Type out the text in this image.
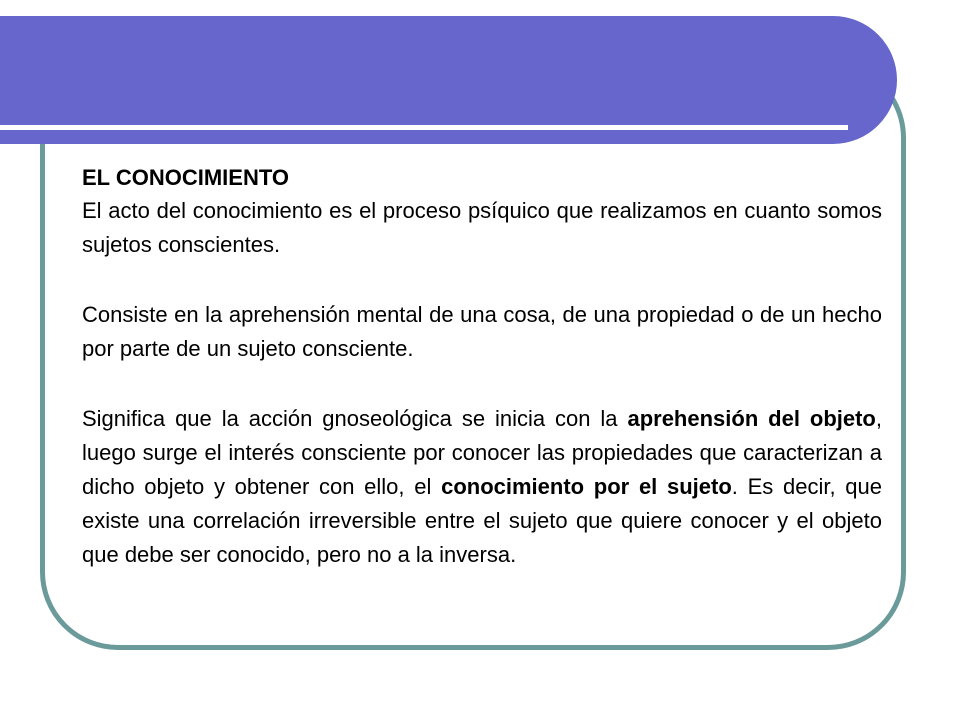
EL CONOCIMIENTO

El acto del conocimiento es el proceso psíquico que realizamos en cuanto somos sujetos conscientes.

Consiste en la aprehensión mental de una cosa, de una propiedad o de un hecho por parte de un sujeto consciente.

Significa que la acción gnoseológica se inicia con la aprehensión del objeto, luego surge el interés consciente por conocer las propiedades que caracterizan a dicho objeto y obtener con ello, el conocimiento por el sujeto. Es decir, que existe una correlación irreversible entre el sujeto que quiere conocer y el objeto que debe ser conocido, pero no a la inversa.
